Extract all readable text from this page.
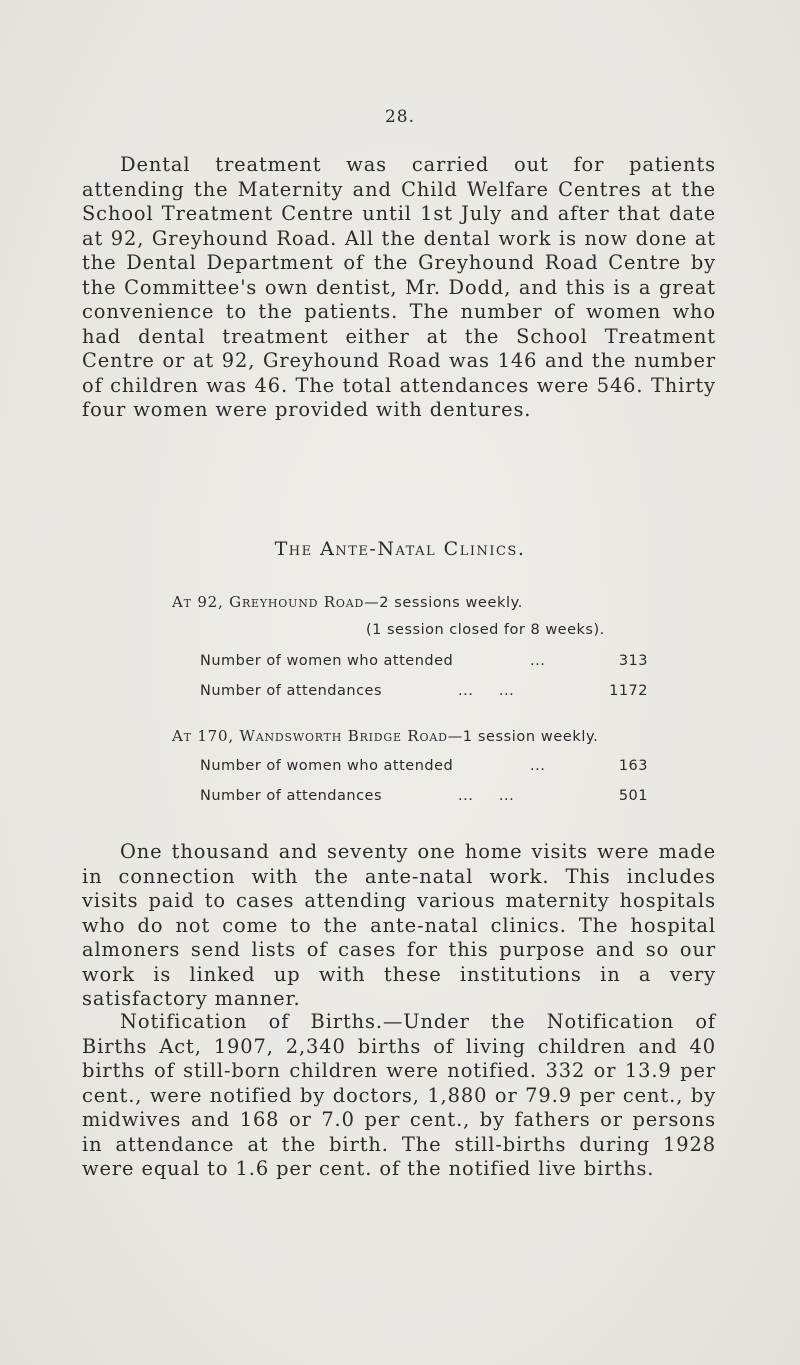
28.

Dental treatment was carried out for patients attending the Maternity and Child Welfare Centres at the School Treatment Centre until 1st July and after that date at 92, Greyhound Road. All the dental work is now done at the Dental Department of the Greyhound Road Centre by the Committee's own dentist, Mr. Dodd, and this is a great convenience to the patients. The number of women who had dental treatment either at the School Treatment Centre or at 92, Greyhound Road was 146 and the number of children was 46. The total attendances were 546. Thirty four women were provided with dentures.

The Ante-Natal Clinics.
At 92, Greyhound Road—2 sessions weekly.
(1 session closed for 8 weeks).
Number of women who attended	...	313
Number of attendances	...     ...	1172
At 170, Wandsworth Bridge Road—1 session weekly.
Number of women who attended	...	163
Number of attendances	...     ...	501

One thousand and seventy one home visits were made in connection with the ante-natal work. This includes visits paid to cases attending various maternity hospitals who do not come to the ante-natal clinics. The hospital almoners send lists of cases for this purpose and so our work is linked up with these institutions in a very satisfactory manner.

Notification of Births.—Under the Notification of Births Act, 1907, 2,340 births of living children and 40 births of still-born children were notified. 332 or 13.9 per cent., were notified by doctors, 1,880 or 79.9 per cent., by midwives and 168 or 7.0 per cent., by fathers or persons in attendance at the birth. The still-births during 1928 were equal to 1.6 per cent. of the notified live births.
